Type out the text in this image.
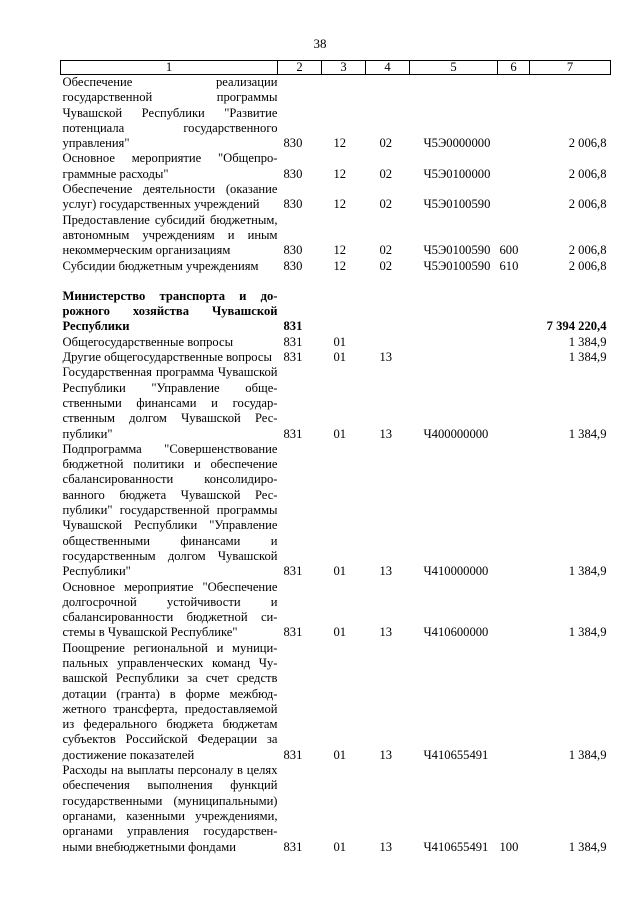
38
1	2	3	4	5	6	7
Обеспечение реализации государственной программы Чувашской Республики "Развитие потенциала государственного управления"	830	12	02	Ч5Э0000000		2 006,8
Основное мероприятие "Общепрограммные расходы"	830	12	02	Ч5Э0100000		2 006,8
Обеспечение деятельности (оказание услуг) государственных учреждений	830	12	02	Ч5Э0100590		2 006,8
Предоставление субсидий бюджетным, автономным учреждениям и иным некоммерческим организациям	830	12	02	Ч5Э0100590	600	2 006,8
Субсидии бюджетным учреждениям	830	12	02	Ч5Э0100590	610	2 006,8

Министерство транспорта и дорожного хозяйства Чувашской Республики	831					7 394 220,4
Общегосударственные вопросы	831	01				1 384,9
Другие общегосударственные вопросы	831	01	13			1 384,9
Государственная программа Чувашской Республики "Управление общественными финансами и государственным долгом Чувашской Республики"	831	01	13	Ч400000000		1 384,9
Подпрограмма "Совершенствование бюджетной политики и обеспечение сбалансированности консолидированного бюджета Чувашской Республики" государственной программы Чувашской Республики "Управление общественными финансами и государственным долгом Чувашской Республики"	831	01	13	Ч410000000		1 384,9
Основное мероприятие "Обеспечение долгосрочной устойчивости и сбалансированности бюджетной системы в Чувашской Республике"	831	01	13	Ч410600000		1 384,9
Поощрение региональной и муниципальных управленческих команд Чувашской Республики за счет средств дотации (гранта) в форме межбюджетного трансферта, предоставляемой из федерального бюджета бюджетам субъектов Российской Федерации за достижение показателей	831	01	13	Ч410655491		1 384,9
Расходы на выплаты персоналу в целях обеспечения выполнения функций государственными (муниципальными) органами, казенными учреждениями, органами управления государственными внебюджетными фондами	831	01	13	Ч410655491	100	1 384,9
